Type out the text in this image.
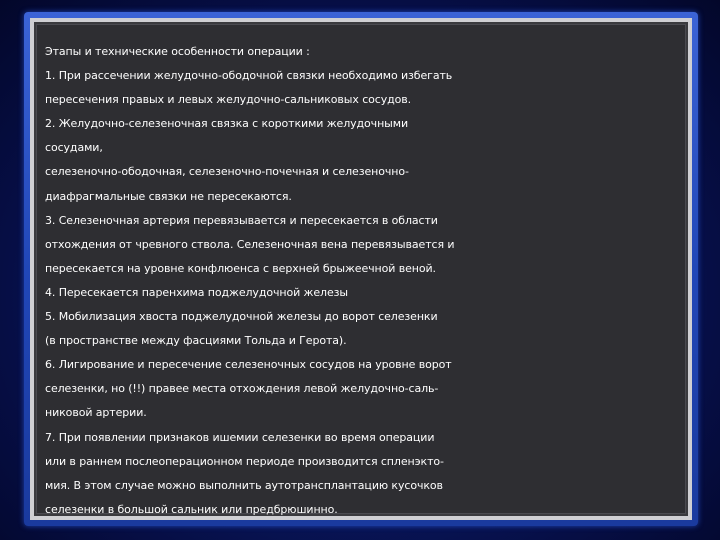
Этапы и технические особенности операции :
1. При рассечении желудочно-ободочной связки необходимо избегать
пересечения правых и левых желудочно-сальниковых сосудов.
2. Желудочно-селезеночная связка с короткими желудочными
сосудами,
селезеночно-ободочная, селезеночно-почечная и селезеночно-
диафрагмальные связки не пересекаются.
3. Селезеночная артерия перевязывается и пересекается в области
отхождения от чревного ствола. Селезеночная вена перевязывается и
пересекается на уровне конфлюенса с верхней брыжеечной веной.
4. Пересекается паренхима поджелудочной железы
5. Мобилизация хвоста поджелудочной железы до ворот селезенки
(в пространстве между фасциями Тольда и Герота).
6. Лигирование и пересечение селезеночных сосудов на уровне ворот
селезенки, но (!!) правее места отхождения левой желудочно-саль-
никовой артерии.
7. При появлении признаков ишемии селезенки во время операции
или в раннем послеоперационном периоде производится спленэкто-
мия. В этом случае можно выполнить аутотрансплантацию кусочков
селезенки в большой сальник или предбрюшинно.
